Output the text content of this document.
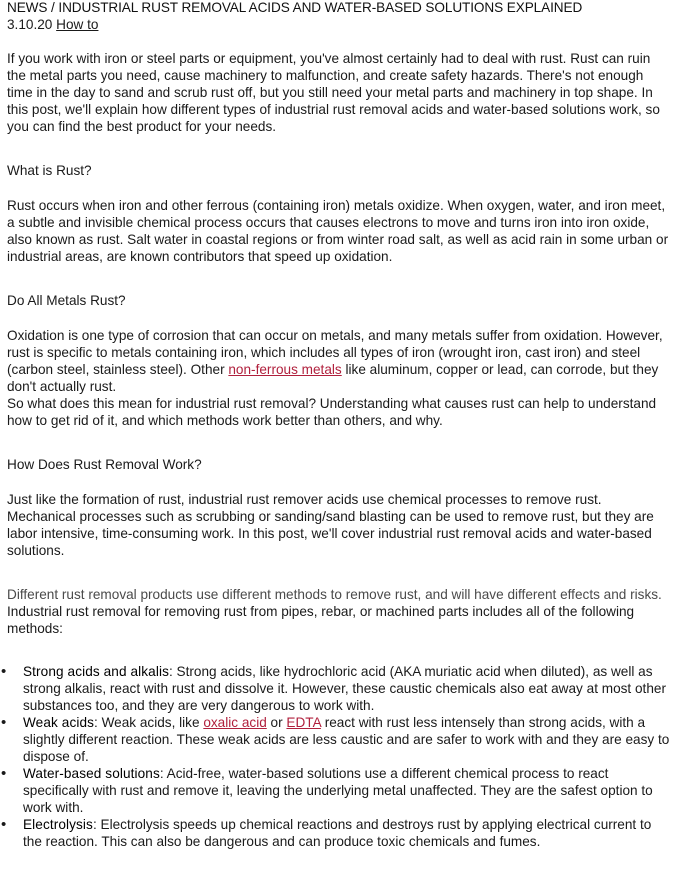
NEWS / INDUSTRIAL RUST REMOVAL ACIDS AND WATER-BASED SOLUTIONS EXPLAINED
3.10.20 How to

If you work with iron or steel parts or equipment, you've almost certainly had to deal with rust. Rust can ruin the metal parts you need, cause machinery to malfunction, and create safety hazards. There's not enough time in the day to sand and scrub rust off, but you still need your metal parts and machinery in top shape. In this post, we'll explain how different types of industrial rust removal acids and water-based solutions work, so you can find the best product for your needs.

What is Rust?

Rust occurs when iron and other ferrous (containing iron) metals oxidize. When oxygen, water, and iron meet, a subtle and invisible chemical process occurs that causes electrons to move and turns iron into iron oxide, also known as rust. Salt water in coastal regions or from winter road salt, as well as acid rain in some urban or industrial areas, are known contributors that speed up oxidation.

Do All Metals Rust?

Oxidation is one type of corrosion that can occur on metals, and many metals suffer from oxidation. However, rust is specific to metals containing iron, which includes all types of iron (wrought iron, cast iron) and steel (carbon steel, stainless steel). Other non-ferrous metals like aluminum, copper or lead, can corrode, but they don't actually rust.

So what does this mean for industrial rust removal? Understanding what causes rust can help to understand how to get rid of it, and which methods work better than others, and why.

How Does Rust Removal Work?

Just like the formation of rust, industrial rust remover acids use chemical processes to remove rust. Mechanical processes such as scrubbing or sanding/sand blasting can be used to remove rust, but they are labor intensive, time-consuming work. In this post, we'll cover industrial rust removal acids and water-based solutions.

Different rust removal products use different methods to remove rust, and will have different effects and risks.

Industrial rust removal for removing rust from pipes, rebar, or machined parts includes all of the following methods:

• Strong acids and alkalis: Strong acids, like hydrochloric acid (AKA muriatic acid when diluted), as well as strong alkalis, react with rust and dissolve it. However, these caustic chemicals also eat away at most other substances too, and they are very dangerous to work with.
• Weak acids: Weak acids, like oxalic acid or EDTA react with rust less intensely than strong acids, with a slightly different reaction. These weak acids are less caustic and are safer to work with and they are easy to dispose of.
• Water-based solutions: Acid-free, water-based solutions use a different chemical process to react specifically with rust and remove it, leaving the underlying metal unaffected. They are the safest option to work with.
• Electrolysis: Electrolysis speeds up chemical reactions and destroys rust by applying electrical current to the reaction. This can also be dangerous and can produce toxic chemicals and fumes.
